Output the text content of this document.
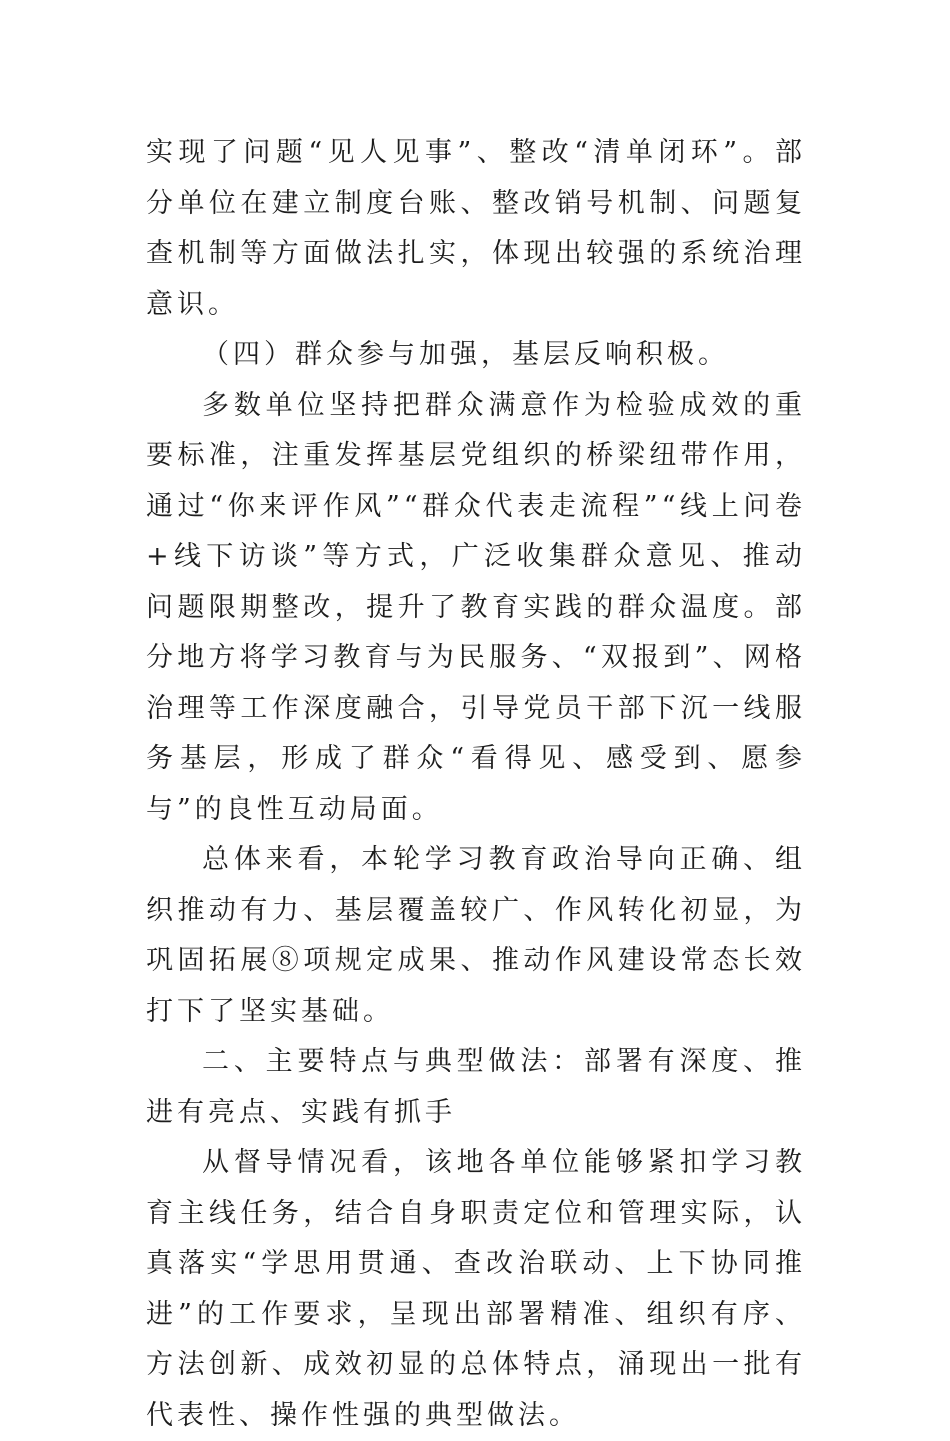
实现了问题“见人见事”、整改“清单闭环”。部分单位在建立制度台账、整改销号机制、问题复查机制等方面做法扎实，体现出较强的系统治理意识。

（四）群众参与加强，基层反响积极。

多数单位坚持把群众满意作为检验成效的重要标准，注重发挥基层党组织的桥梁纽带作用，通过“你来评作风”“群众代表走流程”“线上问卷+线下访谈”等方式，广泛收集群众意见、推动问题限期整改，提升了教育实践的群众温度。部分地方将学习教育与为民服务、“双报到”、网格治理等工作深度融合，引导党员干部下沉一线服务基层，形成了群众“看得见、感受到、愿参与”的良性互动局面。

总体来看，本轮学习教育政治导向正确、组织推动有力、基层覆盖较广、作风转化初显，为巩固拓展⑧项规定成果、推动作风建设常态长效打下了坚实基础。

二、主要特点与典型做法：部署有深度、推进有亮点、实践有抓手

从督导情况看，该地各单位能够紧扣学习教育主线任务，结合自身职责定位和管理实际，认真落实“学思用贯通、查改治联动、上下协同推进”的工作要求，呈现出部署精准、组织有序、方法创新、成效初显的总体特点，涌现出一批有代表性、操作性强的典型做法。
